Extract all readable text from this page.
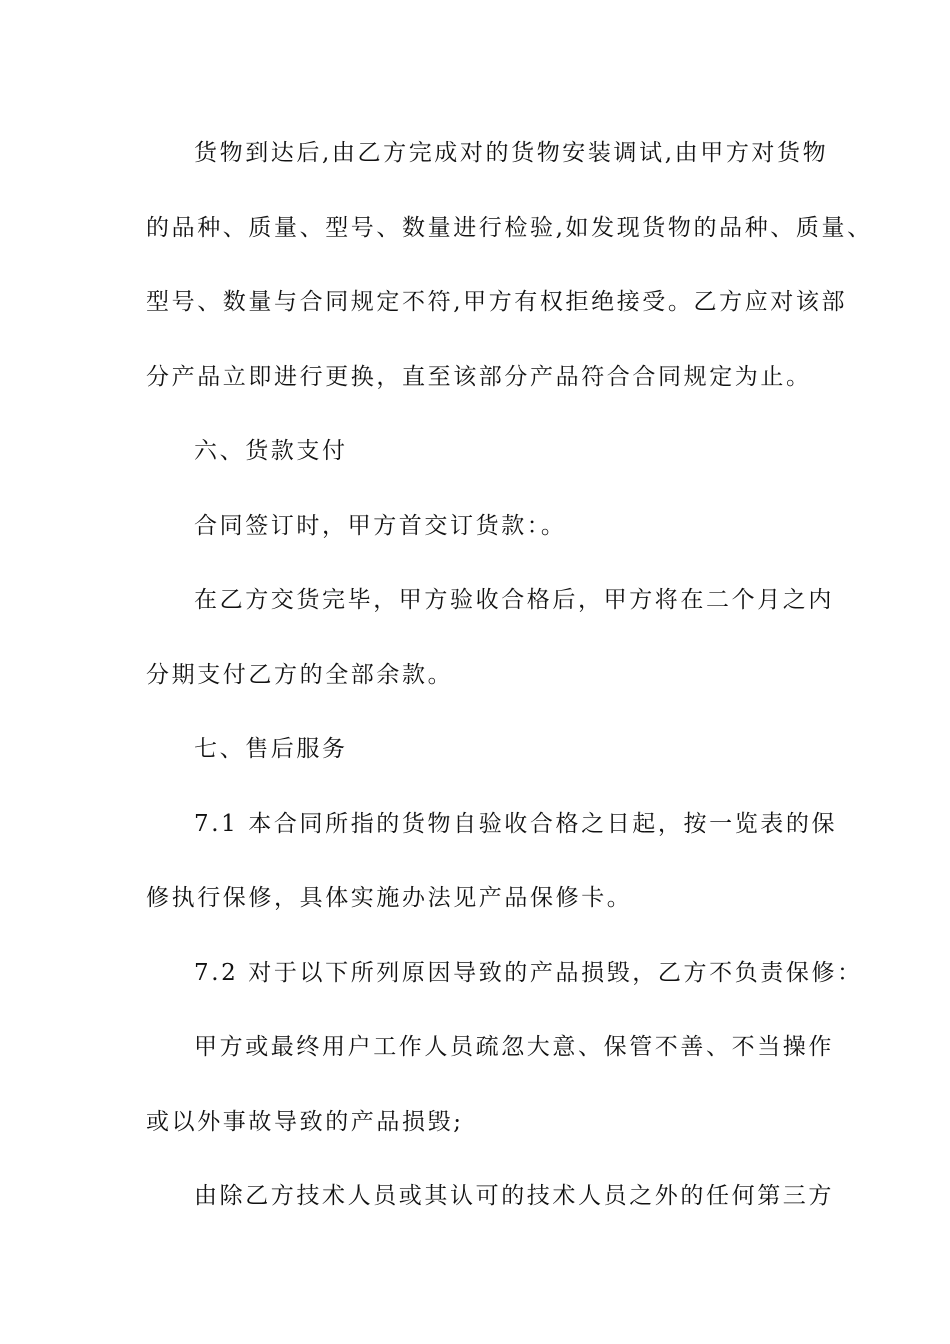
货物到达后,由乙方完成对的货物安装调试,由甲方对货物
的品种、质量、型号、数量进行检验,如发现货物的品种、质量、
型号、数量与合同规定不符,甲方有权拒绝接受。乙方应对该部
分产品立即进行更换，直至该部分产品符合合同规定为止。
六、货款支付
合同签订时，甲方首交订货款：。
在乙方交货完毕，甲方验收合格后，甲方将在二个月之内
分期支付乙方的全部余款。
七、售后服务
7.1 本合同所指的货物自验收合格之日起，按一览表的保
修执行保修，具体实施办法见产品保修卡。
7.2 对于以下所列原因导致的产品损毁，乙方不负责保修：
甲方或最终用户工作人员疏忽大意、保管不善、不当操作
或以外事故导致的产品损毁;
由除乙方技术人员或其认可的技术人员之外的任何第三方
